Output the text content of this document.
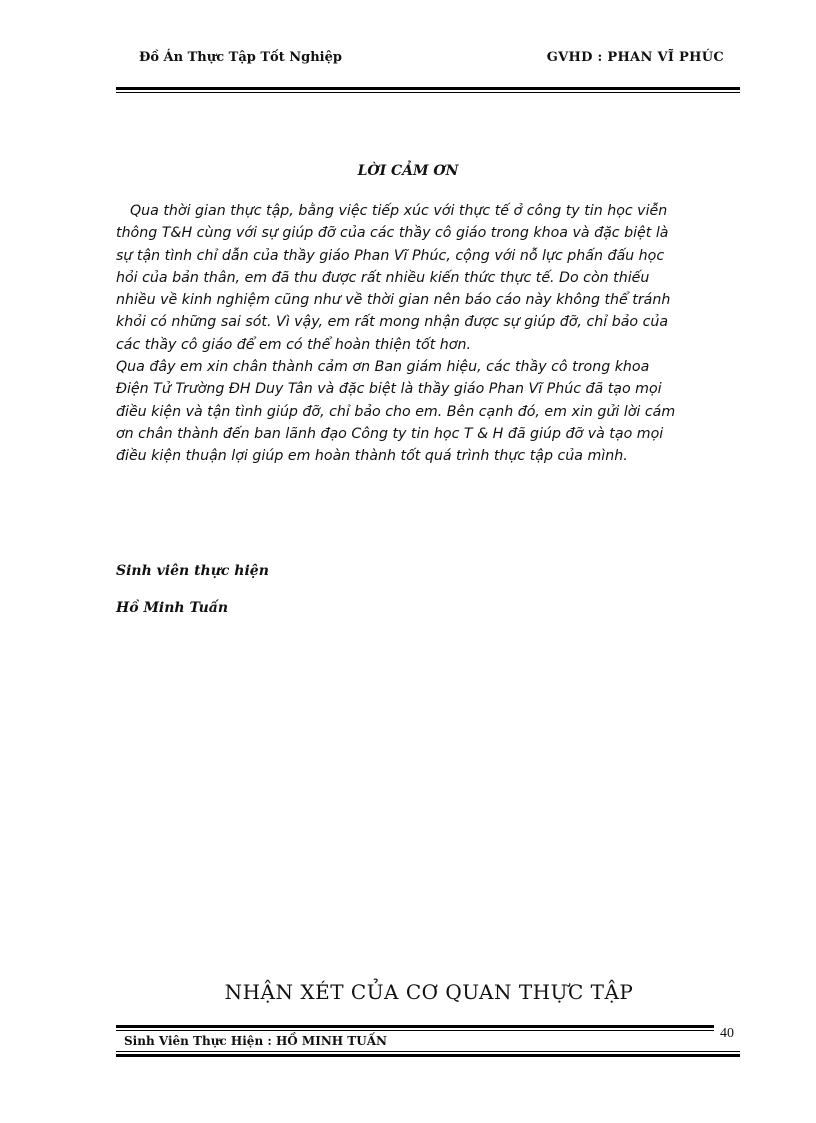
Đồ Án Thực Tập Tốt Nghiệp	GVHD : PHAN VĨ PHÚC
LỜI CẢM ƠN

Qua thời gian thực tập, bằng việc tiếp xúc với thực tế ở công ty tin học viễn

thông T&H cùng với sự giúp đỡ của các thầy cô giáo trong khoa và đặc biệt là

sự tận tình chỉ dẫn của thầy giáo Phan Vĩ Phúc, cộng với nỗ lực phấn đấu học

hỏi của bản thân, em đã thu được rất nhiều kiến thức thực tế. Do còn thiếu

nhiều về kinh nghiệm cũng như về thời gian nên báo cáo này không thể tránh

khỏi có những sai sót. Vì vậy, em rất mong nhận được sự giúp đỡ, chỉ bảo của

các thầy cô giáo để em có thể hoàn thiện tốt hơn.

Qua đây em xin chân thành cảm ơn Ban giám hiệu, các thầy cô trong khoa

Điện Tử Trường ĐH Duy Tân và đặc biệt là thầy giáo Phan Vĩ Phúc đã tạo mọi

điều kiện và tận tình giúp đỡ, chỉ bảo cho em. Bên cạnh đó, em xin gửi lời cám

ơn chân thành đến ban lãnh đạo Công ty tin học T & H đã giúp đỡ và tạo mọi

điều kiện thuận lợi giúp em hoàn thành tốt quá trình thực tập của mình.

Sinh viên thực hiện
Hồ Minh Tuấn
NHẬN XÉT CỦA CƠ QUAN THỰC TẬP
40
Sinh Viên Thực Hiện : HỒ MINH TUẤN
